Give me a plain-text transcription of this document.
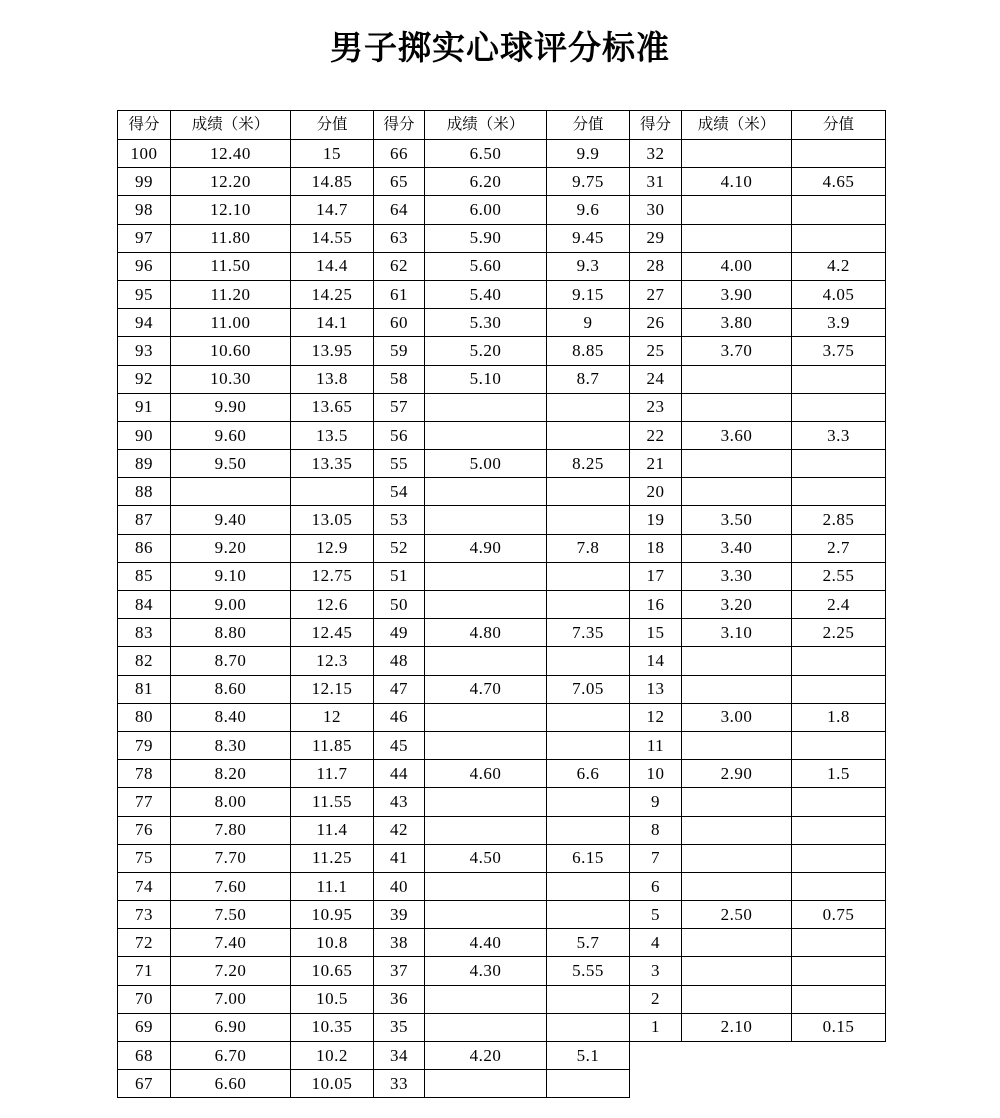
男子掷实心球评分标准
得分	成绩（米）	分值	得分	成绩（米）	分值	得分	成绩（米）	分值
100	12.40	15	66	6.50	9.9	32		
99	12.20	14.85	65	6.20	9.75	31	4.10	4.65
98	12.10	14.7	64	6.00	9.6	30		
97	11.80	14.55	63	5.90	9.45	29		
96	11.50	14.4	62	5.60	9.3	28	4.00	4.2
95	11.20	14.25	61	5.40	9.15	27	3.90	4.05
94	11.00	14.1	60	5.30	9	26	3.80	3.9
93	10.60	13.95	59	5.20	8.85	25	3.70	3.75
92	10.30	13.8	58	5.10	8.7	24		
91	9.90	13.65	57			23		
90	9.60	13.5	56			22	3.60	3.3
89	9.50	13.35	55	5.00	8.25	21		
88			54			20		
87	9.40	13.05	53			19	3.50	2.85
86	9.20	12.9	52	4.90	7.8	18	3.40	2.7
85	9.10	12.75	51			17	3.30	2.55
84	9.00	12.6	50			16	3.20	2.4
83	8.80	12.45	49	4.80	7.35	15	3.10	2.25
82	8.70	12.3	48			14		
81	8.60	12.15	47	4.70	7.05	13		
80	8.40	12	46			12	3.00	1.8
79	8.30	11.85	45			11		
78	8.20	11.7	44	4.60	6.6	10	2.90	1.5
77	8.00	11.55	43			9		
76	7.80	11.4	42			8		
75	7.70	11.25	41	4.50	6.15	7		
74	7.60	11.1	40			6		
73	7.50	10.95	39			5	2.50	0.75
72	7.40	10.8	38	4.40	5.7	4		
71	7.20	10.65	37	4.30	5.55	3		
70	7.00	10.5	36			2		
69	6.90	10.35	35			1	2.10	0.15
68	6.70	10.2	34	4.20	5.1			
67	6.60	10.05	33					
